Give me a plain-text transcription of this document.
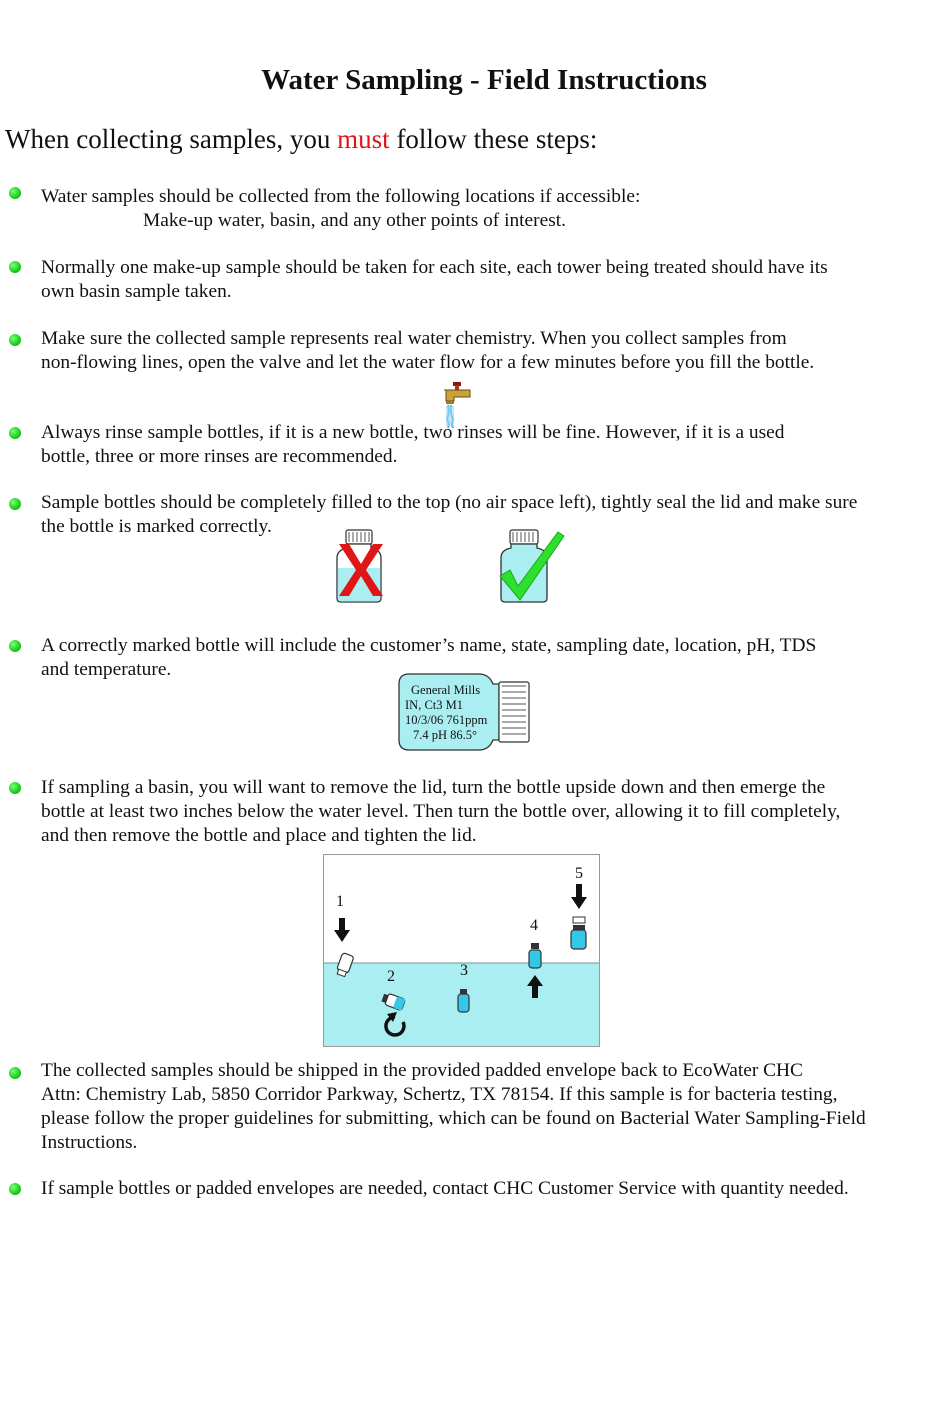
Water Sampling - Field Instructions
When collecting samples, you must follow these steps:
Water samples should be collected from the following locations if accessible:
Make-up water, basin, and any other points of interest.
Normally one make-up sample should be taken for each site, each tower being treated should have its
own basin sample taken.
Make sure the collected sample represents real water chemistry. When you collect samples from
non-flowing lines, open the valve and let the water flow for a few minutes before you fill the bottle.
Always rinse sample bottles, if it is a new bottle, two rinses will be fine. However, if it is a used
bottle, three or more rinses are recommended.
Sample bottles should be completely filled to the top (no air space left), tightly seal the lid and make sure
the bottle is marked correctly.
A correctly marked bottle will include the customer’s name, state, sampling date, location, pH, TDS
and temperature.
General Mills
IN, Ct3 M1
10/3/06 761ppm
7.4 pH 86.5°
If sampling a basin, you will want to remove the lid, turn the bottle upside down and then emerge the
bottle at least two inches below the water level. Then turn the bottle over, allowing it to fill completely,
and then remove the bottle and place and tighten the lid.
1
2	3
4
5
The collected samples should be shipped in the provided padded envelope back to EcoWater CHC
Attn: Chemistry Lab, 5850 Corridor Parkway, Schertz, TX 78154. If this sample is for bacteria testing,
please follow the proper guidelines for submitting, which can be found on Bacterial Water Sampling-Field
Instructions.
If sample bottles or padded envelopes are needed, contact CHC Customer Service with quantity needed.
